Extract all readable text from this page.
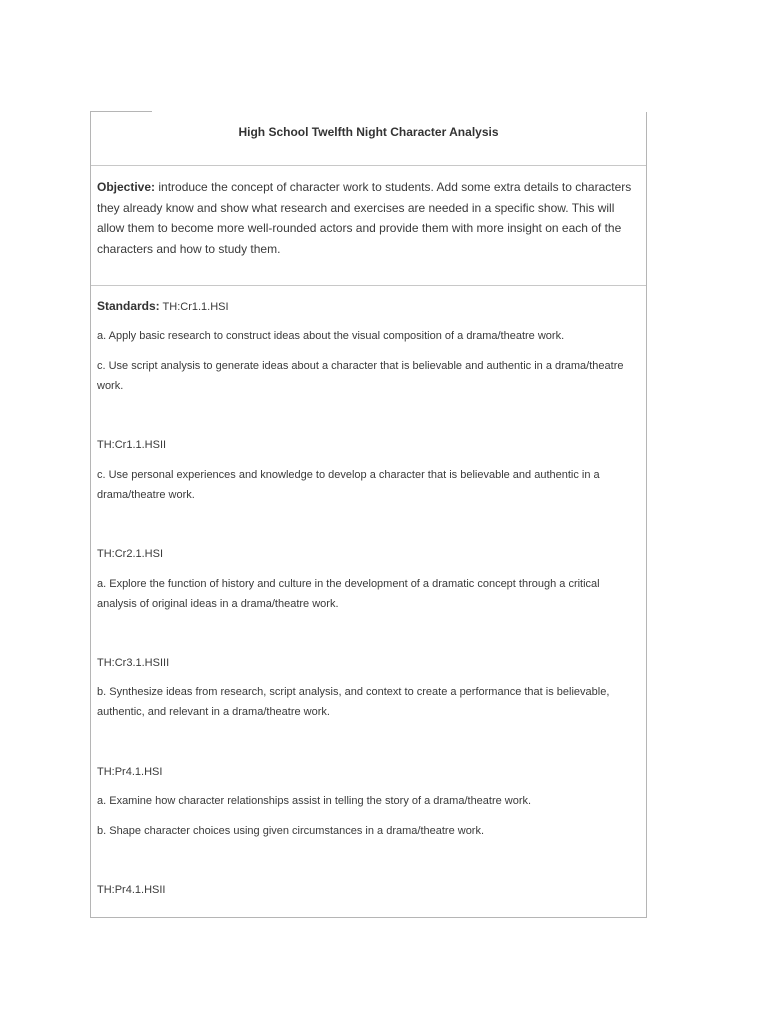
High School Twelfth Night Character Analysis

Objective: introduce the concept of character work to students. Add some extra details to characters they already know and show what research and exercises are needed in a specific show. This will allow them to become more well-rounded actors and provide them with more insight on each of the characters and how to study them.

Standards: TH:Cr1.1.HSI

a. Apply basic research to construct ideas about the visual composition of a drama/theatre work.

c. Use script analysis to generate ideas about a character that is believable and authentic in a drama/theatre work.

TH:Cr1.1.HSII

c. Use personal experiences and knowledge to develop a character that is believable and authentic in a drama/theatre work.

TH:Cr2.1.HSI

a. Explore the function of history and culture in the development of a dramatic concept through a critical analysis of original ideas in a drama/theatre work.

TH:Cr3.1.HSIII

b. Synthesize ideas from research, script analysis, and context to create a performance that is believable, authentic, and relevant in a drama/theatre work.

TH:Pr4.1.HSI

a. Examine how character relationships assist in telling the story of a drama/theatre work.

b. Shape character choices using given circumstances in a drama/theatre work.

TH:Pr4.1.HSII
